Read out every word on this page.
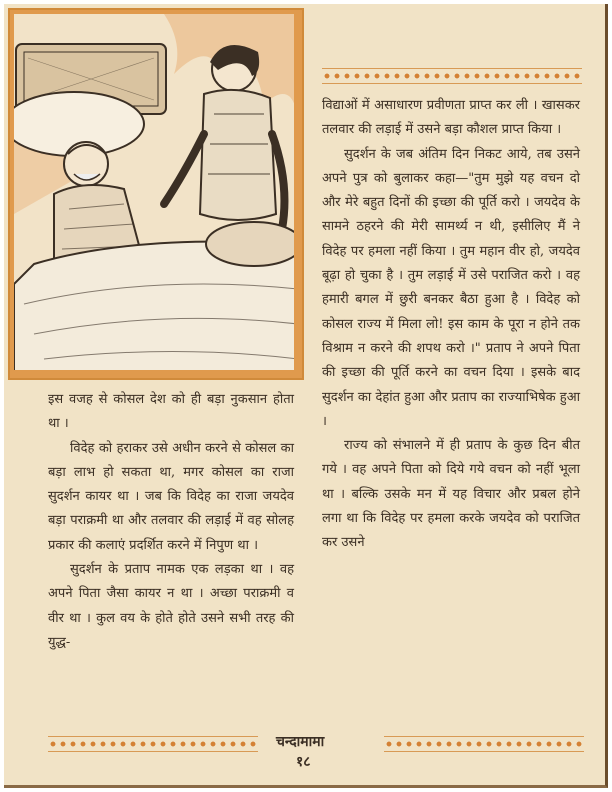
इस वजह से कोसल देश को ही बड़ा नुकसान होता था ।

विदेह को हराकर उसे अधीन करने से कोसल का बड़ा लाभ हो सकता था, मगर कोसल का राजा सुदर्शन कायर था । जब कि विदेह का राजा जयदेव बड़ा पराक्रमी था और तलवार की लड़ाई में वह सोलह प्रकार की कलाएं प्रदर्शित करने में निपुण था ।

सुदर्शन के प्रताप नामक एक लड़का था । वह अपने पिता जैसा कायर न था । अच्छा पराक्रमी व वीर था । कुल वय के होते होते उसने सभी तरह की युद्ध-

विद्याओं में असाधारण प्रवीणता प्राप्त कर ली । खासकर तलवार की लड़ाई में उसने बड़ा कौशल प्राप्त किया ।

सुदर्शन के जब अंतिम दिन निकट आये, तब उसने अपने पुत्र को बुलाकर कहा—"तुम मुझे यह वचन दो और मेरे बहुत दिनों की इच्छा की पूर्ति करो । जयदेव के सामने ठहरने की मेरी सामर्थ्य न थी, इसीलिए मैं ने विदेह पर हमला नहीं किया । तुम महान वीर हो, जयदेव बूढ़ा हो चुका है । तुम लड़ाई में उसे पराजित करो । वह हमारी बगल में छुरी बनकर बैठा हुआ है । विदेह को कोसल राज्य में मिला लो! इस काम के पूरा न होने तक विश्राम न करने की शपथ करो ।" प्रताप ने अपने पिता की इच्छा की पूर्ति करने का वचन दिया । इसके बाद सुदर्शन का देहांत हुआ और प्रताप का राज्याभिषेक हुआ ।

राज्य को संभालने में ही प्रताप के कुछ दिन बीत गये । वह अपने पिता को दिये गये वचन को नहीं भूला था । बल्कि उसके मन में यह विचार और प्रबल होने लगा था कि विदेह पर हमला करके जयदेव को पराजित कर उसने

चन्दामामा
१८
